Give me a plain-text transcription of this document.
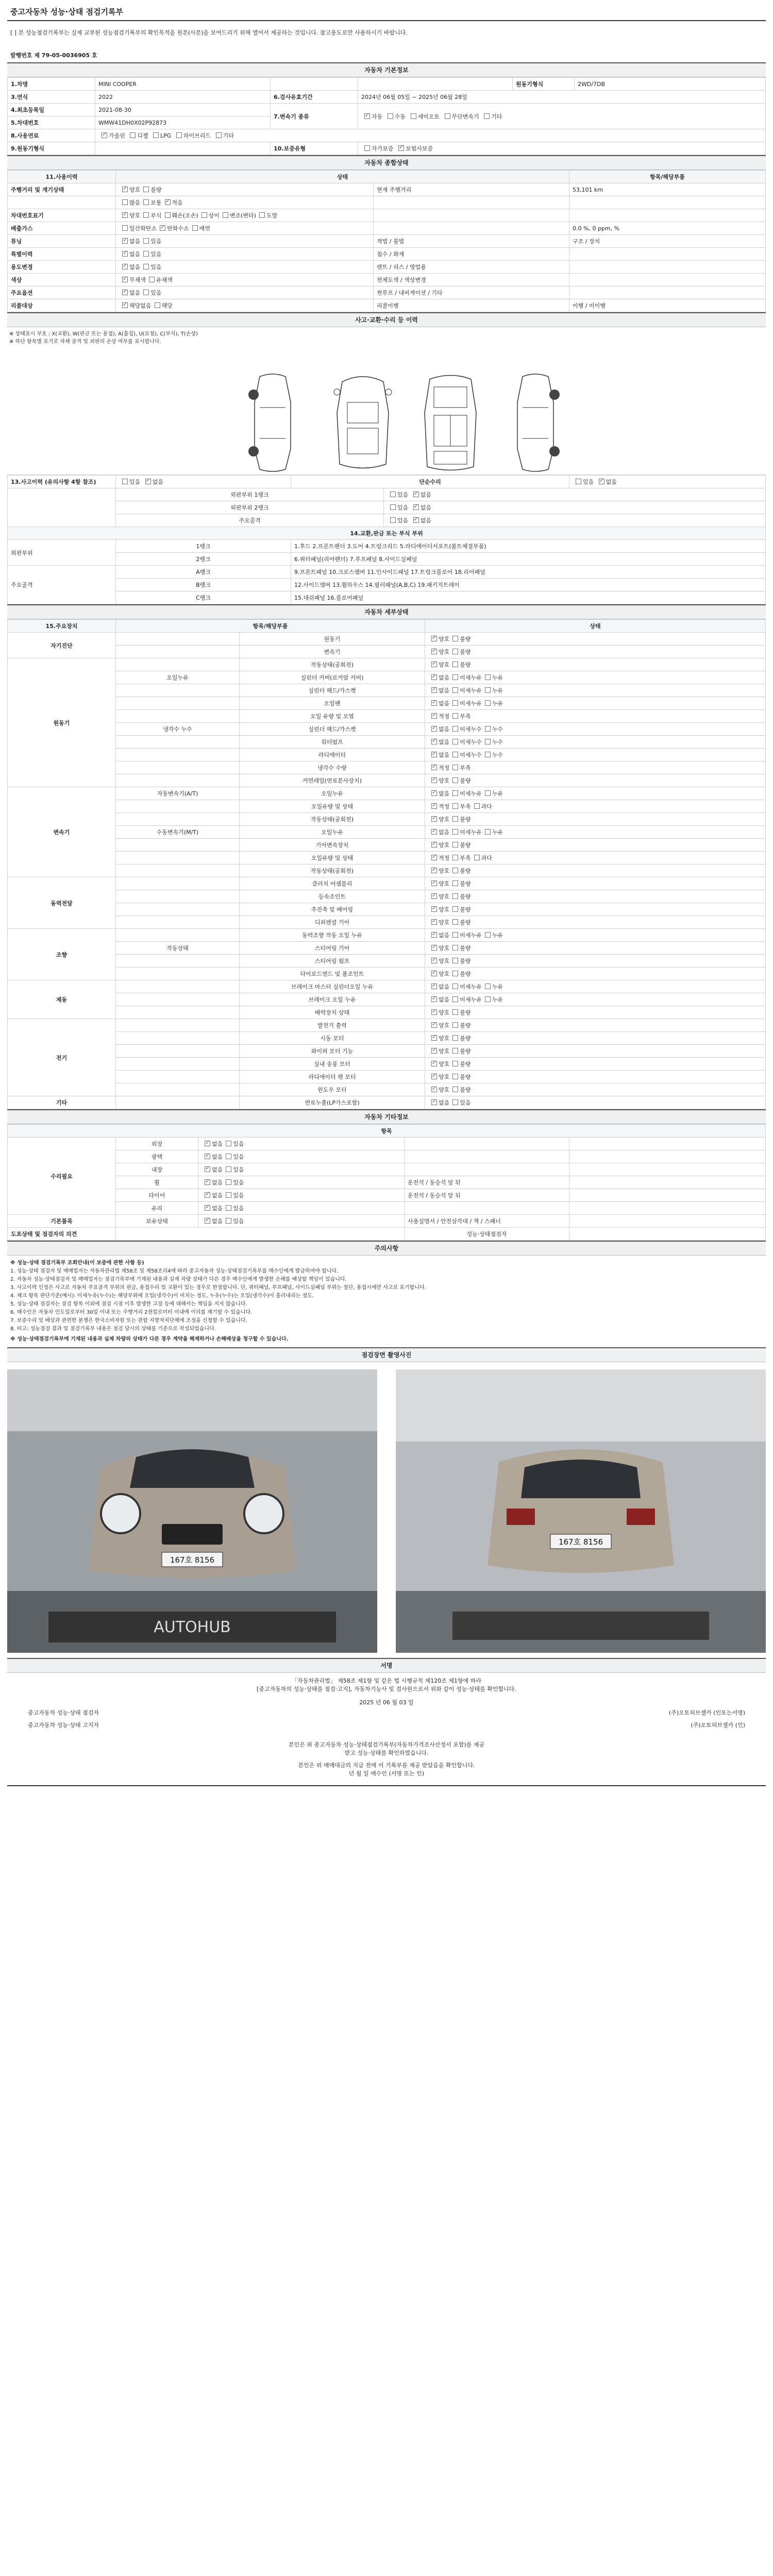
중고자동차 성능·상태 점검기록부
[ ] 본 성능점검기록부는 실제 교부된 성능점검기록부의 확인목적을 원본(사본)을 보여드리기 위해 열어서 제공하는 것입니다. 참고용도로만 사용하시기 바랍니다.
발행번호 제 79-05-0036905 호
자동차 기본정보
1.차명	MINI COOPER			원동기형식	2WD/7DB
3.연식	2022	6.검사유효기간	2024년 06월 05일 ~ 2025년 06월 28일		
4.최초등록일	2021-08-30	7.변속기 종류	✓자동 수동 세미오토 무단변속기 기타
5.차대번호	WMW41DH0X02P92873				
8.사용연료	✓가솔린 디젤 LPG 하이브리드 기타
9.원동기형식		10.보증유형	자가보증 ✓ 보험사보증
자동차 종합상태
11.사용이력	상태		항목/해당부품
주행거리 및 계기상태	✓양호 불량	현재 주행거리	53,101 km
	많음 보통 ✓ 적음		
차대번호표기	✓양호 부식 훼손(오손) 상이 변조(변타) 도말		
배출가스	일산화탄소 ✓ 탄화수소 매연		0.0 %, 0 ppm, %
튜닝	✓없음 있음	적법 / 불법	구조 / 장치
특별이력	✓없음 있음	침수 / 화재	
용도변경	✓없음 있음	렌트 / 리스 / 영업용	
색상	✓무채색 유채색	전체도색 / 색상변경	
주요옵션	✓없음 있음	썬루프 / 내비게이션 / 기타	
리콜대상	✓해당없음 해당	리콜이행	이행 / 미이행
사고·교환·수리 등 이력
※ 상태표시 부호 : X(교환), W(판금 또는 용접), A(흠집), U(요철), C(부식), T(손상)
※ 하단 항목별 표기로 차체 골격 및 외판의 손상 여부를 표시합니다.
13.사고이력 (유의사항 4항 참조)	있음 ✓ 없음	단순수리		있음 ✓ 없음
	외판부위 1랭크		있음 ✓없음
	외판부위 2랭크		있음 ✓없음
	주요골격		있음 ✓없음
14.교환,판금 또는 부식 부위				
외판부위	1랭크	1.후드 2.프론트펜더 3.도어 4.트렁크리드 5.라디에이터서포트(볼트체결부품)		
	2랭크	6.쿼터패널(리어펜더) 7.루프패널 8.사이드실패널		
주요골격	A랭크	9.프론트패널 10.크로스멤버 11.인사이드패널 17.트렁크플로어 18.리어패널		
	B랭크	12.사이드멤버 13.휠하우스 14.필러패널(A,B,C) 19.패키지트레이		
	C랭크	15.대쉬패널 16.플로어패널		
자동차 세부상태
15.주요장치	항목/해당부품		상태
자기진단		원동기	✓양호 불량
		변속기	✓양호 불량
원동기		작동상태(공회전)	✓양호 불량
	오일누유	실린더 커버(로커암 커버)	✓없음 미세누유 누유
		실린더 헤드/가스켓	✓없음 미세누유 누유
		오일팬	✓없음 미세누유 누유
		오일 유량 및 오염	✓적정 부족
	냉각수 누수	실린더 헤드/가스켓	✓없음 미세누수 누수
		워터펌프	✓없음 미세누수 누수
		라디에이터	✓없음 미세누수 누수
		냉각수 수량	✓적정 부족
		커먼레일(연료분사장치)	✓양호 불량
변속기	자동변속기(A/T)	오일누유	✓없음 미세누유 누유
		오일유량 및 상태	✓적정 부족 과다
		작동상태(공회전)	✓양호 불량
	수동변속기(M/T)	오일누유	✓없음 미세누유 누유
		기어변속장치	✓양호 불량
		오일유량 및 상태	✓적정 부족 과다
		작동상태(공회전)	✓양호 불량
동력전달		클러치 어셈블리	✓양호 불량
		등속조인트	✓양호 불량
		추진축 및 베어링	✓양호 불량
		디퍼렌셜 기어	✓양호 불량
조향		동력조향 작동 오일 누유	✓없음 미세누유 누유
	작동상태	스티어링 기어	✓양호 불량
		스티어링 펌프	✓양호 불량
		타이로드엔드 및 볼조인트	✓양호 불량
제동		브레이크 마스터 실린더오일 누유	✓없음 미세누유 누유
		브레이크 오일 누유	✓없음 미세누유 누유
		배력장치 상태	✓양호 불량
전기		발전기 출력	✓양호 불량
		시동 모터	✓양호 불량
		와이퍼 모터 기능	✓양호 불량
		실내 송풍 모터	✓양호 불량
		라디에이터 팬 모터	✓양호 불량
		윈도우 모터	✓양호 불량
기타		연료누출(LP가스포함)	✓없음 있음
자동차 기타정보
항목				
수리필요	외장	✓없음 있음		
	광택	✓없음 있음		
	내장	✓없음 있음		
	휠	✓없음 있음	운전석 / 동승석 앞 뒤	
	타이어	✓없음 있음	운전석 / 동승석 앞 뒤	
	유리	✓없음 있음		
기본품목	보유상태	✓없음 있음	사용설명서 / 안전삼각대 / 잭 / 스패너	
도포상태 및 점검자의 의견			성능·상태점검자	
주의사항

※ 성능·상태 점검기록부 조회안내(이 보증에 관한 사항 등)

1. 성능·상태 점검자 및 매매업자는 자동차관리법 제58조 및 제58조의4에 따라 중고자동차 성능·상태점검기록부를 매수인에게 발급하여야 합니다.

2. 자동차 성능·상태점검자 및 매매업자는 점검기록부에 기재된 내용과 실제 차량 상태가 다른 경우 매수인에게 발생한 손해를 배상할 책임이 있습니다.

3. 사고이력 인정은 사고로 자동차 주요골격 부위의 판금, 용접수리 및 교환이 있는 경우로 한정합니다. 단, 쿼터패널, 루프패널, 사이드실패널 부위는 절단, 용접시에만 사고로 표기합니다.

4. 체크 항목 판단기준(예시): 미세누유(누수)는 해당부위에 오일(냉각수)이 비치는 정도, 누유(누수)는 오일(냉각수)이 흘러내리는 정도.

5. 성능·상태 점검자는 점검 항목 이외에 점검 시점 이후 발생한 고장 등에 대해서는 책임을 지지 않습니다.

6. 매수인은 자동차 인도일로부터 30일 이내 또는 주행거리 2천킬로미터 이내에 이의를 제기할 수 있습니다.

7. 보증수리 및 배상과 관련한 분쟁은 한국소비자원 또는 관할 지방자치단체에 조정을 신청할 수 있습니다.

8. 비고: 성능점검 결과 및 점검기록부 내용은 점검 당시의 상태를 기준으로 작성되었습니다.

※ 성능·상태점검기록부에 기재된 내용과 실제 차량의 상태가 다른 경우 계약을 해제하거나 손해배상을 청구할 수 있습니다.

점검장면 촬영사진
167호 8156
AUTOHUB
167호 8156
서명
「자동차관리법」 제58조 제1항 및 같은 법 시행규칙 제120조 제1항에 따라
[중고자동차의 성능·상태를 점검·고지], 자동차기능사 및 검사원으로서 위와 같이 성능·상태를 확인합니다.
2025 년 06 월 03 일
중고자동차 성능·상태 점검자	(주)오토허브셀카 (인또는서명)
중고자동차 성능·상태 고지자	(주)오토허브셀카 (인)
본인은 위 중고자동차 성능·상태점검기록부(자동차가격조사산정서 포함)를 제공
받고 성능·상태를 확인하였습니다.
본인은 위 매매대금의 지급 전에 이 기록부를 제공 받았음을 확인합니다.
년 월 일 매수인 (서명 또는 인)
